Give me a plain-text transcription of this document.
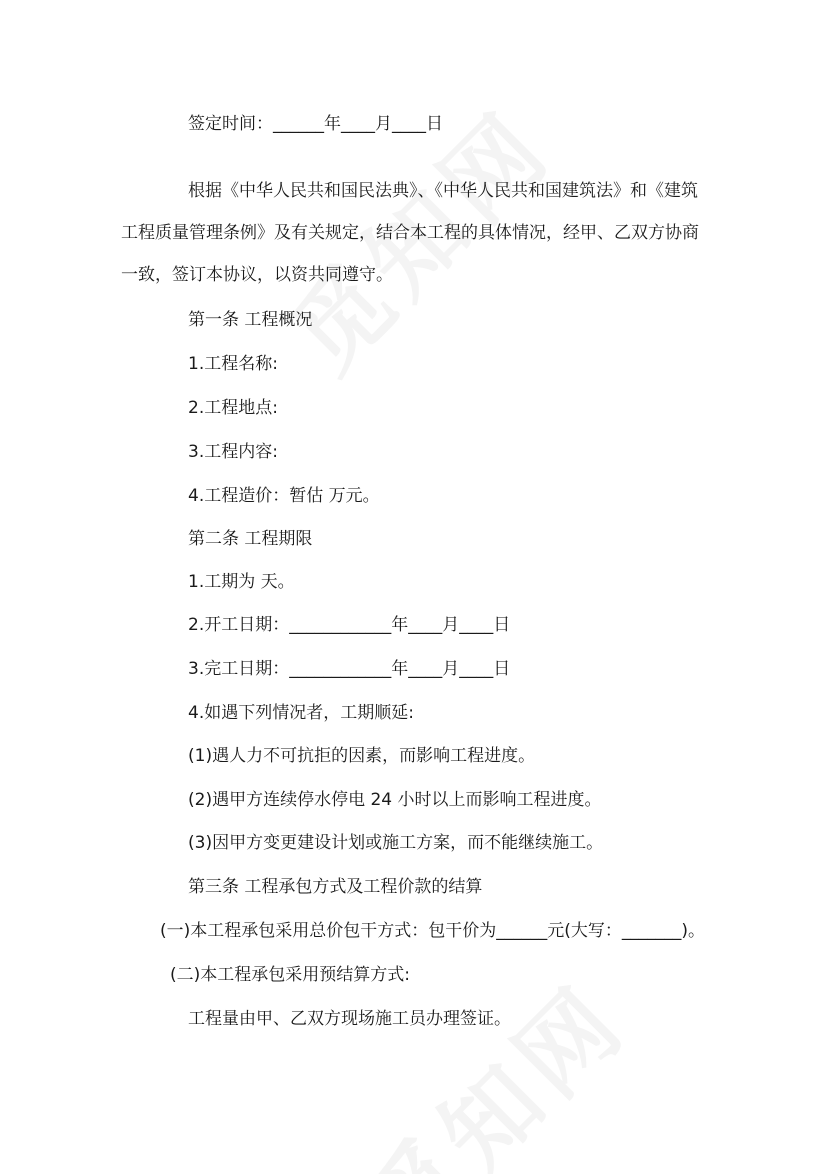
签定时间：______年____月____日
根据《中华人民共和国民法典》、《中华人民共和国建筑法》和《建筑
工程质量管理条例》及有关规定，结合本工程的具体情况，经甲、乙双方协商
一致，签订本协议，以资共同遵守。
第一条 工程概况
1.工程名称:
2.工程地点:
3.工程内容:
4.工程造价：暂估 万元。
第二条 工程期限
1.工期为 天。
2.开工日期：____________年____月____日
3.完工日期：____________年____月____日
4.如遇下列情况者，工期顺延:
(1)遇人力不可抗拒的因素，而影响工程进度。
(2)遇甲方连续停水停电 24 小时以上而影响工程进度。
(3)因甲方变更建设计划或施工方案，而不能继续施工。
第三条 工程承包方式及工程价款的结算
(一)本工程承包采用总价包干方式：包干价为______元(大写：_______)。
(二)本工程承包采用预结算方式:
工程量由甲、乙双方现场施工员办理签证。
